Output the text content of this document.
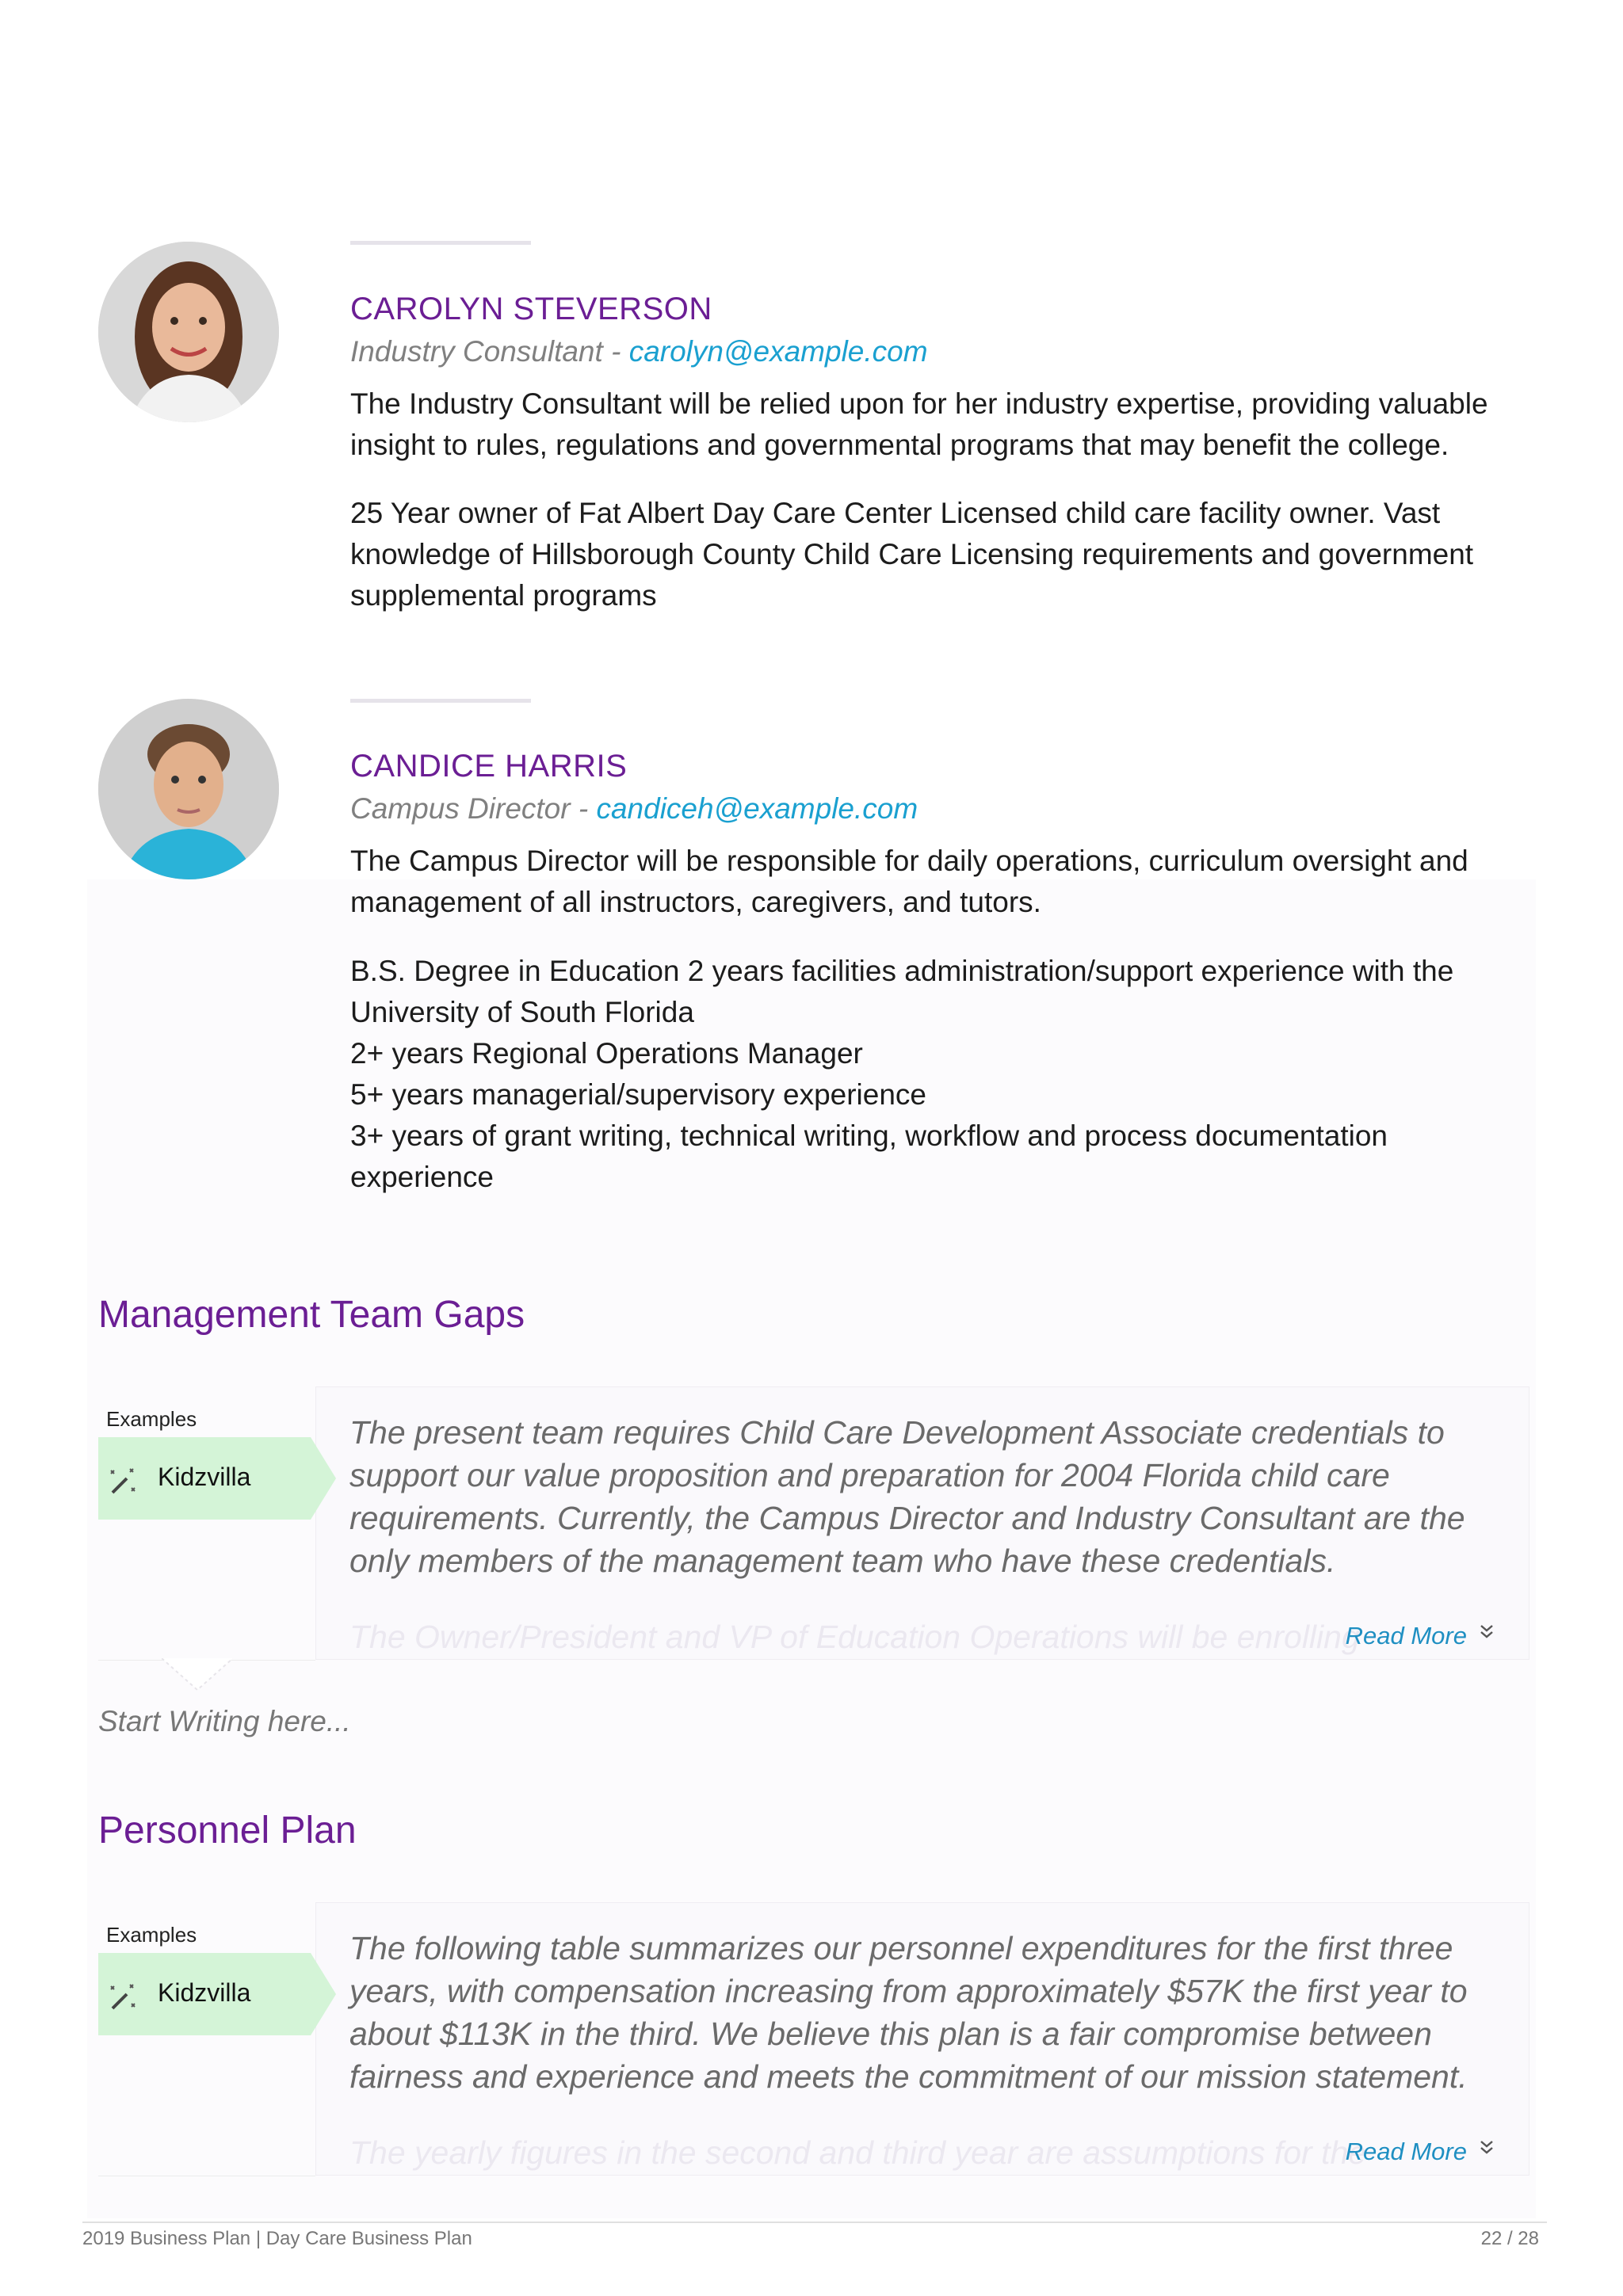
CAROLYN STEVERSON
Industry Consultant - carolyn@example.com
The Industry Consultant will be relied upon for her industry expertise, providing valuable
insight to rules, regulations and governmental programs that may benefit the college.
25 Year owner of Fat Albert Day Care Center Licensed child care facility owner. Vast
knowledge of Hillsborough County Child Care Licensing requirements and government
supplemental programs
CANDICE HARRIS
Campus Director - candiceh@example.com
The Campus Director will be responsible for daily operations, curriculum oversight and
management of all instructors, caregivers, and tutors.
B.S. Degree in Education 2 years facilities administration/support experience with the
University of South Florida
2+ years Regional Operations Manager
5+ years managerial/supervisory experience
3+ years of grant writing, technical writing, workflow and process documentation
experience
Management Team Gaps
Examples	The present team requires Child Care Development Associate credentials to
support our value proposition and preparation for 2004 Florida child care
requirements. Currently, the Campus Director and Industry Consultant are the
only members of the management team who have these credentials.
The Owner/President and VP of Education Operations will be enrolling
Read More
Kidzvilla
Start Writing here...
Personnel Plan
Examples	The following table summarizes our personnel expenditures for the first three
years, with compensation increasing from approximately $57K the first year to
about $113K in the third. We believe this plan is a fair compromise between
fairness and experience and meets the commitment of our mission statement.
The yearly figures in the second and third year are assumptions for the
Read More
Kidzvilla
2019 Business Plan | Day Care Business Plan	22 / 28
